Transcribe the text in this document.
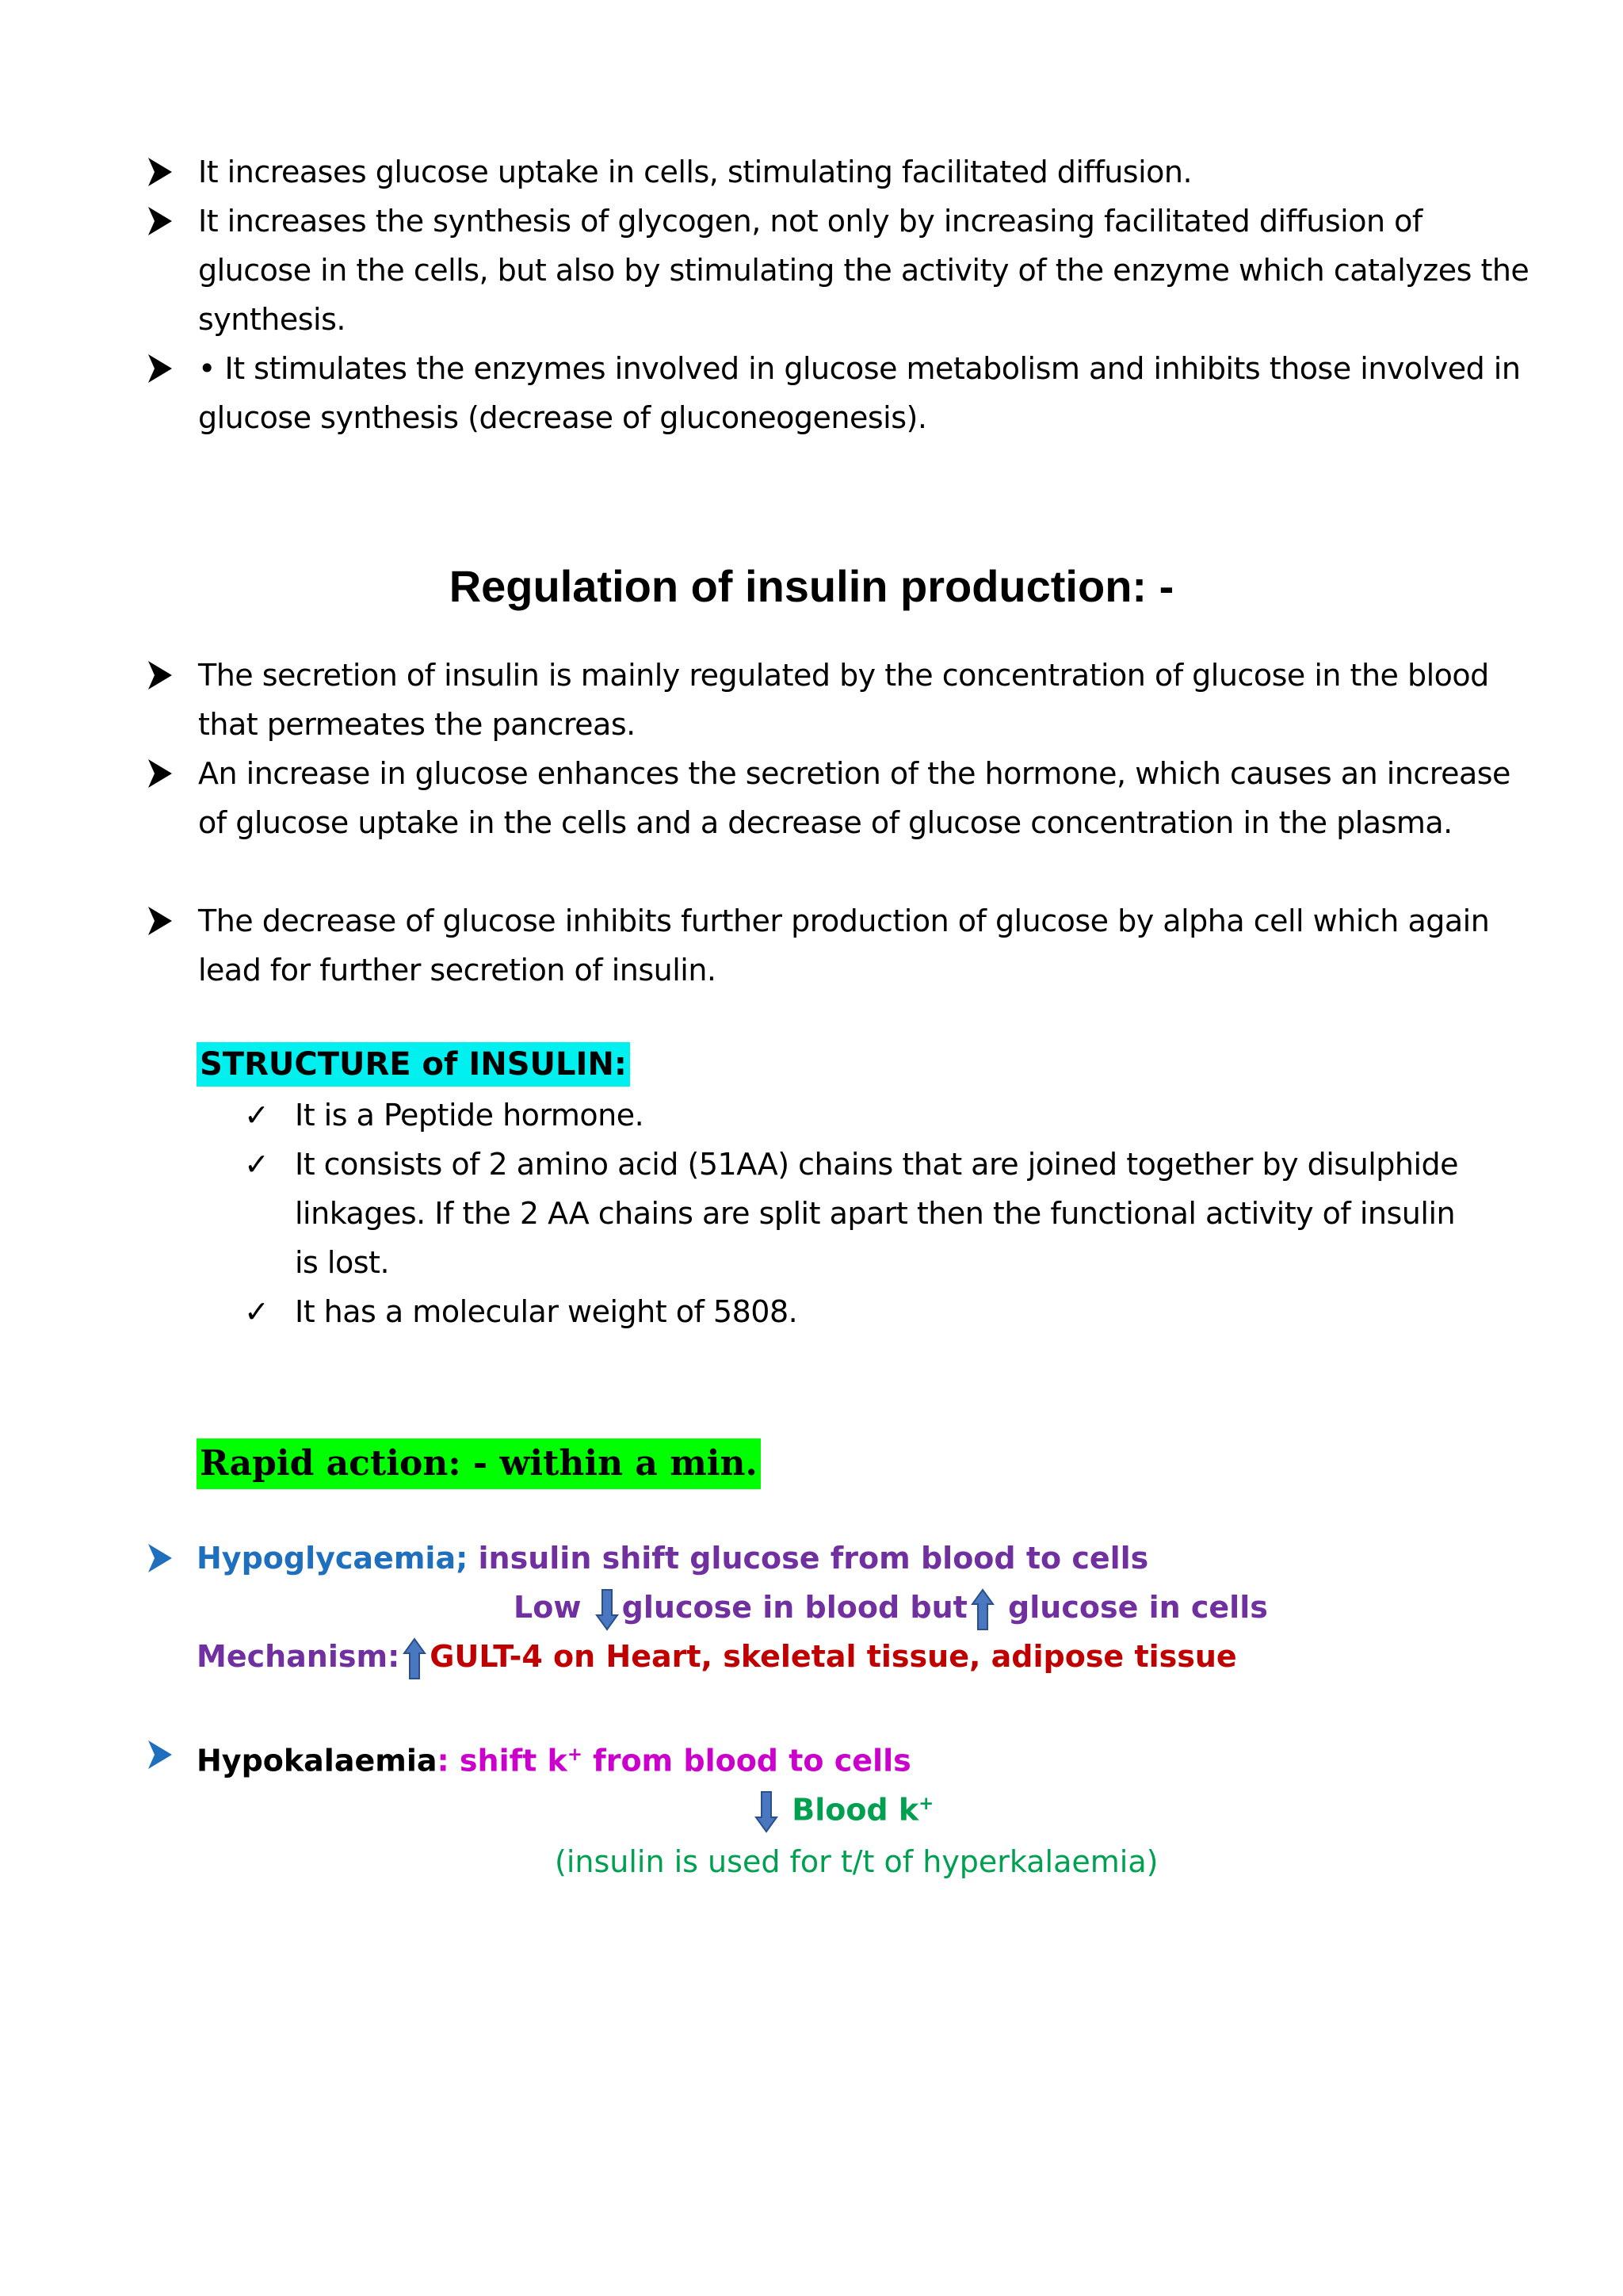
It increases glucose uptake in cells, stimulating facilitated diffusion.
It increases the synthesis of glycogen, not only by increasing facilitated diffusion of glucose in the cells, but also by stimulating the activity of the enzyme which catalyzes the synthesis.
• It stimulates the enzymes involved in glucose metabolism and inhibits those involved in glucose synthesis (decrease of gluconeogenesis).
Regulation of insulin production: -
The secretion of insulin is mainly regulated by the concentration of glucose in the blood that permeates the pancreas.
An increase in glucose enhances the secretion of the hormone, which causes an increase of glucose uptake in the cells and a decrease of glucose concentration in the plasma.
The decrease of glucose inhibits further production of glucose by alpha cell which again lead for further secretion of insulin.
STRUCTURE of INSULIN:
✓ It is a Peptide hormone.
✓ It consists of 2 amino acid (51AA) chains that are joined together by disulphide linkages. If the 2 AA chains are split apart then the functional activity of insulin is lost.
✓ It has a molecular weight of 5808.
Rapid action: - within a min.
Hypoglycaemia; insulin shift glucose from blood to cells
Low glucose in blood but glucose in cells
Mechanism: GULT-4 on Heart, skeletal tissue, adipose tissue
Hypokalaemia: shift k+ from blood to cells
Blood k+
(insulin is used for t/t of hyperkalaemia)
